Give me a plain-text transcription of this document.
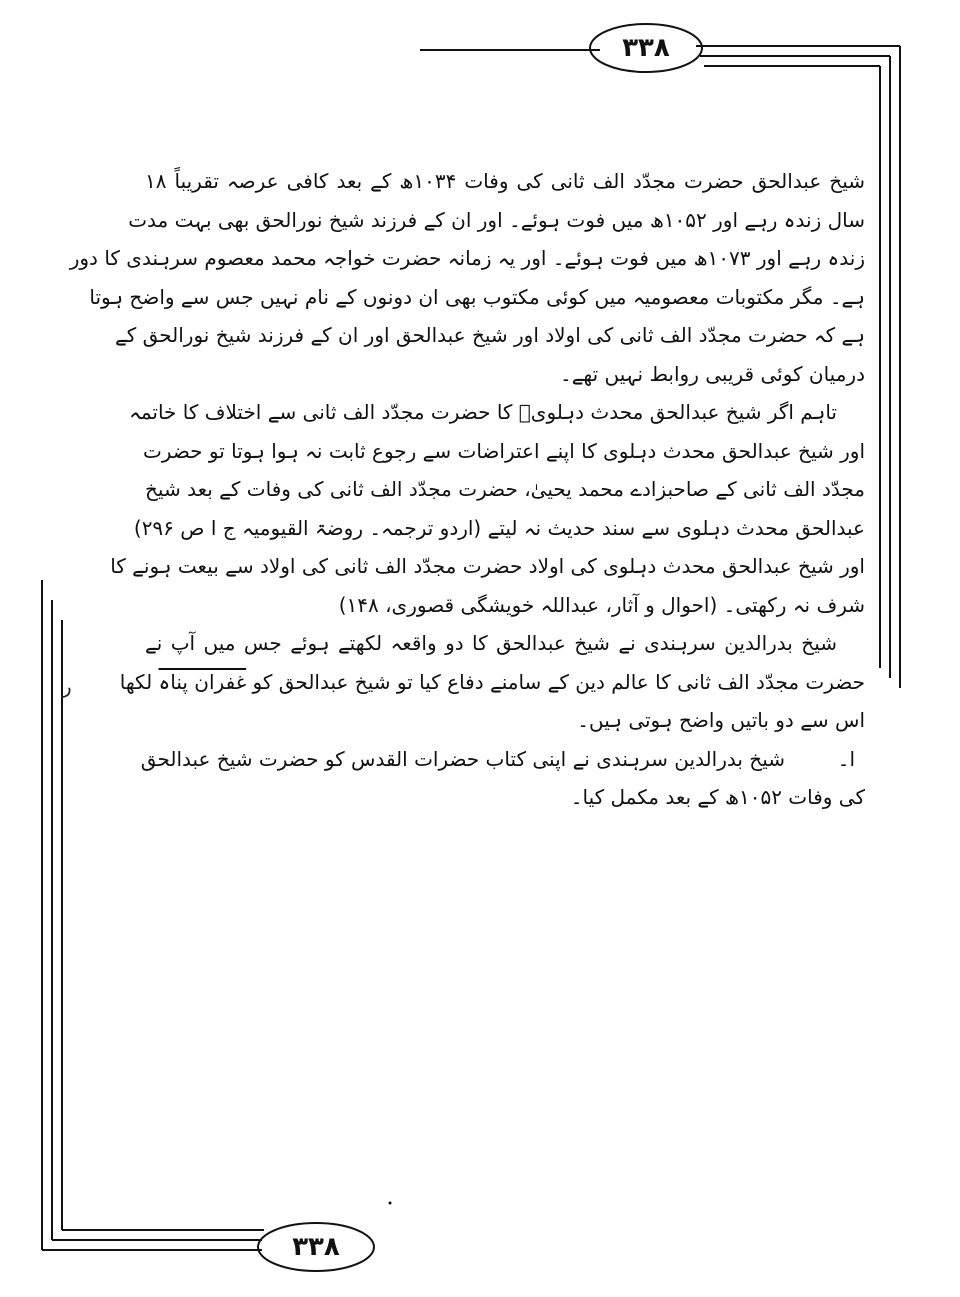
۳۳۸
۳۳۸
ر
شیخ عبدالحق حضرت مجدّد الف ثانی کی وفات ۱۰۳۴ھ کے بعد کافی عرصہ تقریباً ۱۸
سال زندہ رہے اور ۱۰۵۲ھ میں فوت ہوئے۔ اور ان کے فرزند شیخ نورالحق بھی بہت مدت
زندہ رہے اور ۱۰۷۳ھ میں فوت ہوئے۔ اور یہ زمانہ حضرت خواجہ محمد معصوم سرہندی کا دور
ہے۔ مگر مکتوبات معصومیہ میں کوئی مکتوب بھی ان دونوں کے نام نہیں جس سے واضح ہوتا
ہے کہ حضرت مجدّد الف ثانی کی اولاد اور شیخ عبدالحق اور ان کے فرزند شیخ نورالحق کے
درمیان کوئی قریبی روابط نہیں تھے۔
تاہم اگر شیخ عبدالحق محدث دہلویؒ کا حضرت مجدّد الف ثانی سے اختلاف کا خاتمہ
اور شیخ عبدالحق محدث دہلوی کا اپنے اعتراضات سے رجوع ثابت نہ ہوا ہوتا تو حضرت
مجدّد الف ثانی کے صاحبزادے محمد یحییٰ، حضرت مجدّد الف ثانی کی وفات کے بعد شیخ
عبدالحق محدث دہلوی سے سند حدیث نہ لیتے (اردو ترجمہ۔ روضۃ القیومیہ ج ا ص ۲۹۶)
اور شیخ عبدالحق محدث دہلوی کی اولاد حضرت مجدّد الف ثانی کی اولاد سے بیعت ہونے کا
شرف نہ رکھتی۔ (احوال و آثار، عبداللہ خویشگی قصوری، ۱۴۸)
شیخ بدرالدین سرہندی نے شیخ عبدالحق کا دو واقعہ لکھتے ہوئے جس میں آپ نے
حضرت مجدّد الف ثانی کا عالم دین کے سامنے دفاع کیا تو شیخ عبدالحق کو غفران پناہ لکھا
اس سے دو باتیں واضح ہوتی ہیں۔
ا۔
شیخ بدرالدین سرہندی نے اپنی کتاب حضرات القدس کو حضرت شیخ عبدالحق
کی وفات ۱۰۵۲ھ کے بعد مکمل کیا۔
